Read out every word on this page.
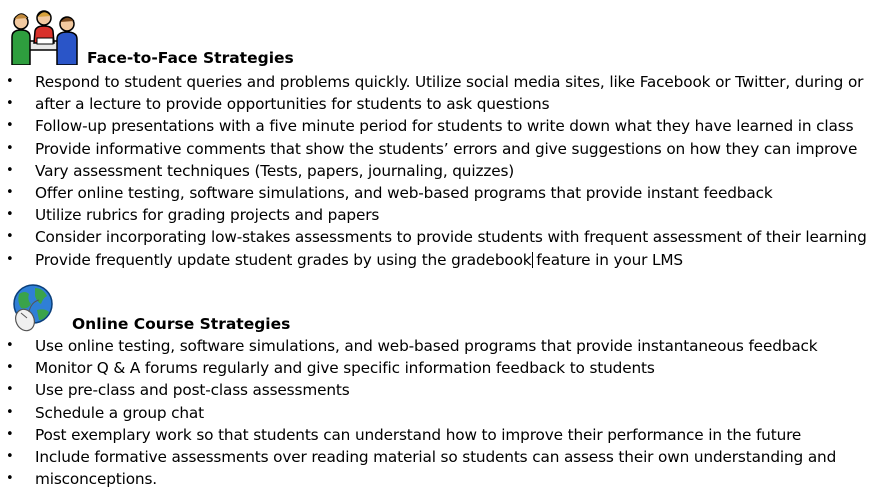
Face-to-Face Strategies
• Respond to student queries and problems quickly. Utilize social media sites, like Facebook or Twitter, during or
• after a lecture to provide opportunities for students to ask questions
• Follow-up presentations with a five minute period for students to write down what they have learned in class
• Provide informative comments that show the students’ errors and give suggestions on how they can improve
• Vary assessment techniques (Tests, papers, journaling, quizzes)
• Offer online testing, software simulations, and web-based programs that provide instant feedback
• Utilize rubrics for grading projects and papers
• Consider incorporating low-stakes assessments to provide students with frequent assessment of their learning
• Provide frequently update student grades by using the gradebook feature in your LMS
Online Course Strategies
• Use online testing, software simulations, and web-based programs that provide instantaneous feedback
• Monitor Q & A forums regularly and give specific information feedback to students
• Use pre-class and post-class assessments
• Schedule a group chat
• Post exemplary work so that students can understand how to improve their performance in the future
• Include formative assessments over reading material so students can assess their own understanding and
• misconceptions.
